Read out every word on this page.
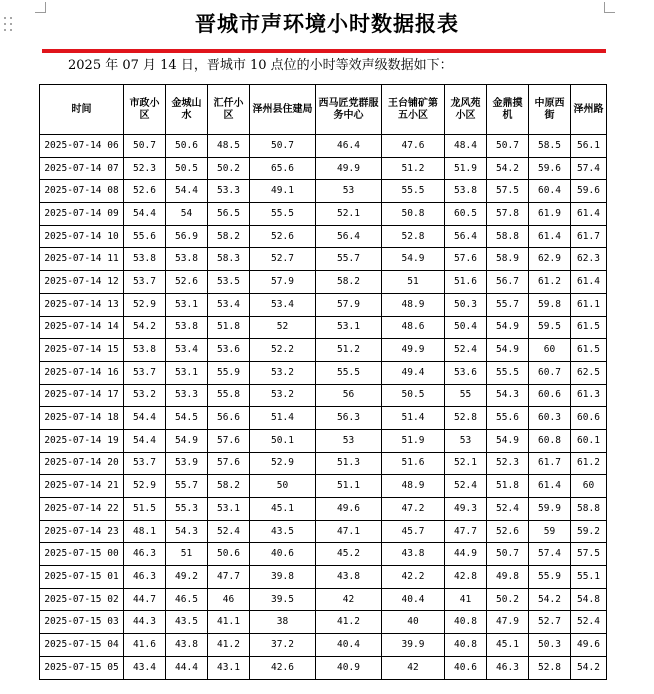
晋城市声环境小时数据报表
2025 年 07 月 14 日，晋城市 10 点位的小时等效声级数据如下：
时间	市政小区	金城山水	汇仟小区	泽州县住建局	西马匠党群服务中心	王台铺矿第五小区	龙风苑小区	金鼎摸机	中原西街	泽州路
2025-07-14 06	50.7	50.6	48.5	50.7	46.4	47.6	48.4	50.7	58.5	56.1
2025-07-14 07	52.3	50.5	50.2	65.6	49.9	51.2	51.9	54.2	59.6	57.4
2025-07-14 08	52.6	54.4	53.3	49.1	53	55.5	53.8	57.5	60.4	59.6
2025-07-14 09	54.4	54	56.5	55.5	52.1	50.8	60.5	57.8	61.9	61.4
2025-07-14 10	55.6	56.9	58.2	52.6	56.4	52.8	56.4	58.8	61.4	61.7
2025-07-14 11	53.8	53.8	58.3	52.7	55.7	54.9	57.6	58.9	62.9	62.3
2025-07-14 12	53.7	52.6	53.5	57.9	58.2	51	51.6	56.7	61.2	61.4
2025-07-14 13	52.9	53.1	53.4	53.4	57.9	48.9	50.3	55.7	59.8	61.1
2025-07-14 14	54.2	53.8	51.8	52	53.1	48.6	50.4	54.9	59.5	61.5
2025-07-14 15	53.8	53.4	53.6	52.2	51.2	49.9	52.4	54.9	60	61.5
2025-07-14 16	53.7	53.1	55.9	53.2	55.5	49.4	53.6	55.5	60.7	62.5
2025-07-14 17	53.2	53.3	55.8	53.2	56	50.5	55	54.3	60.6	61.3
2025-07-14 18	54.4	54.5	56.6	51.4	56.3	51.4	52.8	55.6	60.3	60.6
2025-07-14 19	54.4	54.9	57.6	50.1	53	51.9	53	54.9	60.8	60.1
2025-07-14 20	53.7	53.9	57.6	52.9	51.3	51.6	52.1	52.3	61.7	61.2
2025-07-14 21	52.9	55.7	58.2	50	51.1	48.9	52.4	51.8	61.4	60
2025-07-14 22	51.5	55.3	53.1	45.1	49.6	47.2	49.3	52.4	59.9	58.8
2025-07-14 23	48.1	54.3	52.4	43.5	47.1	45.7	47.7	52.6	59	59.2
2025-07-15 00	46.3	51	50.6	40.6	45.2	43.8	44.9	50.7	57.4	57.5
2025-07-15 01	46.3	49.2	47.7	39.8	43.8	42.2	42.8	49.8	55.9	55.1
2025-07-15 02	44.7	46.5	46	39.5	42	40.4	41	50.2	54.2	54.8
2025-07-15 03	44.3	43.5	41.1	38	41.2	40	40.8	47.9	52.7	52.4
2025-07-15 04	41.6	43.8	41.2	37.2	40.4	39.9	40.8	45.1	50.3	49.6
2025-07-15 05	43.4	44.4	43.1	42.6	40.9	42	40.6	46.3	52.8	54.2
